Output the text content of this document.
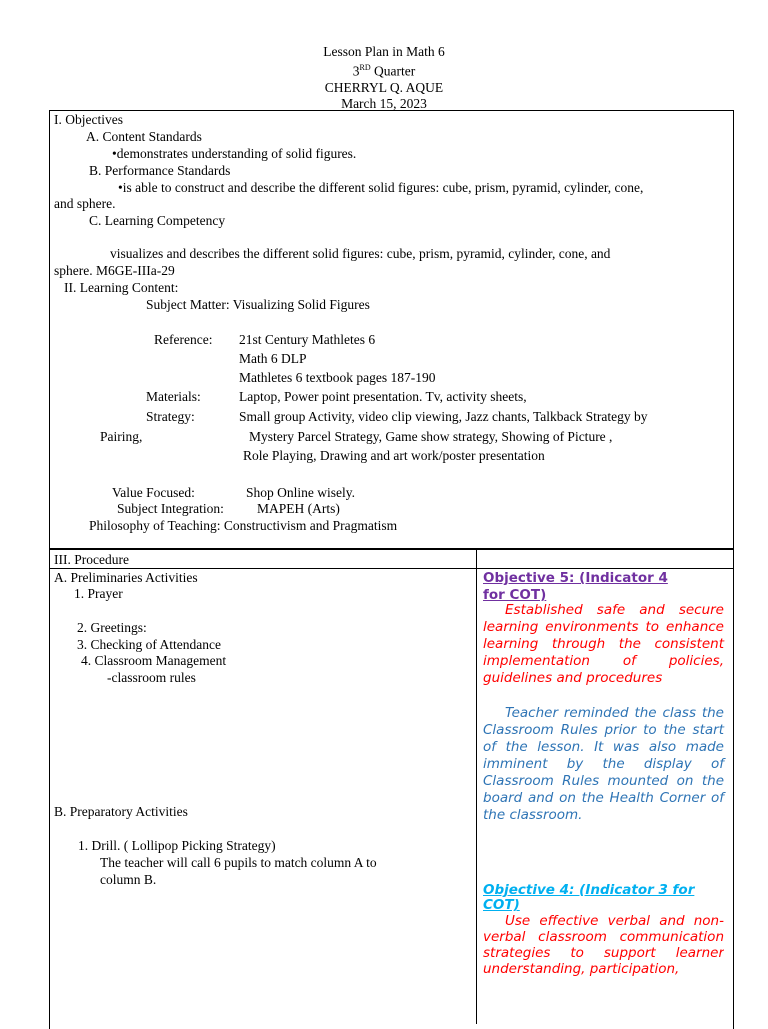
Lesson Plan in Math 6
3RD Quarter
CHERRYL Q. AQUE
March 15, 2023
I. Objectives
A. Content Standards
•demonstrates understanding of solid figures.
B. Performance Standards
•is able to construct and describe the different solid figures: cube, prism, pyramid, cylinder, cone,
and sphere.
C. Learning Competency
visualizes and describes the different solid figures: cube, prism, pyramid, cylinder, cone, and
sphere. M6GE-IIIa-29
II. Learning Content:
Subject Matter: Visualizing Solid Figures
Reference: 21st Century Mathletes 6
Math 6 DLP
Mathletes 6 textbook pages 187-190
Materials:	Laptop, Power point presentation. Tv, activity sheets,
Strategy:	Small group Activity, video clip viewing, Jazz chants, Talkback Strategy by
Pairing,	Mystery Parcel Strategy, Game show strategy, Showing of Picture ,
Role Playing, Drawing and art work/poster presentation
Value Focused:	Shop Online wisely.
Subject Integration: MAPEH (Arts)
Philosophy of Teaching: Constructivism and Pragmatism
III. Procedure
A. Preliminaries Activities
1. Prayer
2. Greetings:
3. Checking of Attendance
4. Classroom Management
-classroom rules
B. Preparatory Activities
1. Drill. ( Lollipop Picking Strategy)
The teacher will call 6 pupils to match column A to
column B.
Objective 5: (Indicator 4
for COT)
Established safe and secure learning environments to enhance learning through the consistent implementation of policies, guidelines and procedures
Teacher reminded the class the Classroom Rules prior to the start of the lesson. It was also made imminent by the display of Classroom Rules mounted on the board and on the Health Corner of the classroom.
Objective 4: (Indicator 3 for
COT)
Use effective verbal and non-verbal classroom communication strategies to support learner understanding, participation,
